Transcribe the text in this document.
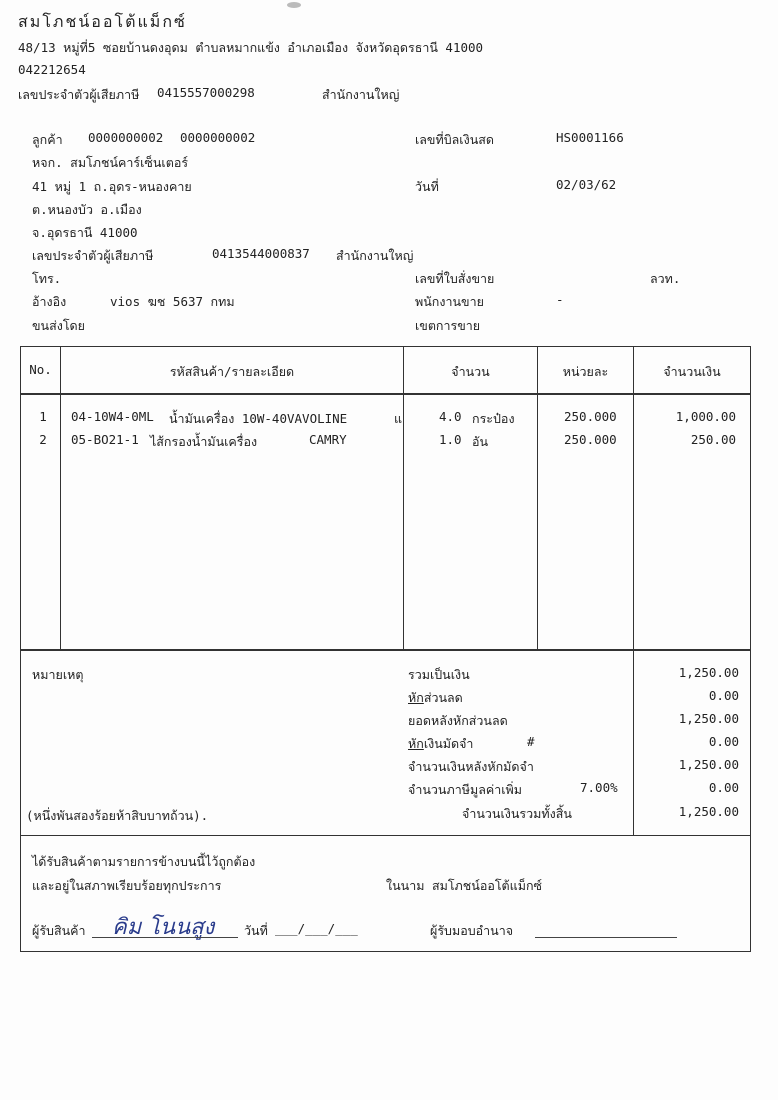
สมโภชน์ออโต้แม็กซ์
48/13 หมู่ที่5 ซอยบ้านดงอุดม ตำบลหมากแข้ง อำเภอเมือง จังหวัดอุดรธานี 41000
042212654
เลขประจำตัวผู้เสียภาษี 0415557000298	สำนักงานใหญ่
ลูกค้า 0000000002 0000000002
หจก. สมโภชน์คาร์เซ็นเตอร์
41 หมู่ 1 ถ.อุดร-หนองคาย
ต.หนองบัว อ.เมือง
จ.อุดรธานี 41000
เลขประจำตัวผู้เสียภาษี	0413544000837 สำนักงานใหญ่
โทร.
อ้างอิง	vios ฆช 5637 กทม
ขนส่งโดย
เลขที่บิลเงินสด	HS0001166
วันที่	02/03/62
เลขที่ใบสั่งขาย	ลวท.
พนักงานขาย	-
เขตการขาย
No.	รหัสสินค้า/รายละเอียด	จำนวน	หน่วยละ	จำนวนเงิน
1	04-10W4-0ML น้ำมันเครื่อง 10W-40VAVOLINE	แ	4.0 กระป๋อง	250.000	1,000.00
2	05-BO21-1 ไส้กรองน้ำมันเครื่อง	CAMRY	1.0 อัน	250.000	250.00
หมายเหตุ
(หนึ่งพันสองร้อยห้าสิบบาทถ้วน).
รวมเป็นเงิน	1,250.00
หักส่วนลด	0.00
ยอดหลังหักส่วนลด	1,250.00
หักเงินมัดจำ	#	0.00
จำนวนเงินหลังหักมัดจำ	1,250.00
จำนวนภาษีมูลค่าเพิ่ม	7.00%	0.00
จำนวนเงินรวมทั้งสิ้น	1,250.00
ได้รับสินค้าตามรายการข้างบนนี้ไว้ถูกต้อง
และอยู่ในสภาพเรียบร้อยทุกประการ	ในนาม สมโภชน์ออโต้แม็กซ์
ผู้รับสินค้า คิม โนนสูง วันที่ ___/___/___	ผู้รับมอบอำนาจ
